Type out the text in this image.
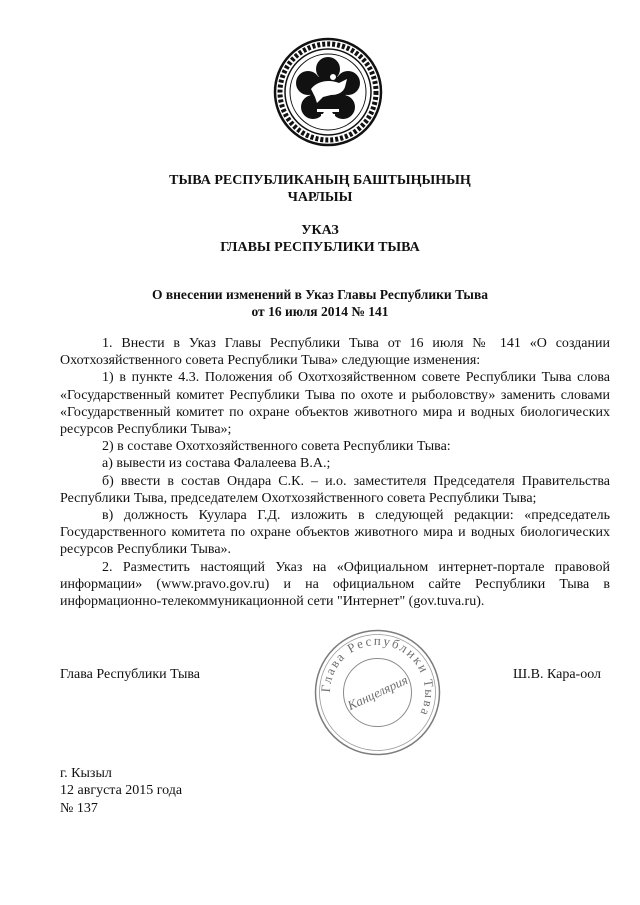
ТЫВА РЕСПУБЛИКАНЫҢ БАШТЫҢЫНЫҢ
ЧАРЛЫЫ
УКАЗ
ГЛАВЫ РЕСПУБЛИКИ ТЫВА
О внесении изменений в Указ Главы Республики Тыва
от 16 июля 2014 № 141

1. Внести в Указ Главы Республики Тыва от 16 июля № 141 «О создании Охотхозяйственного совета Республики Тыва» следующие изменения:

1) в пункте 4.3. Положения об Охотхозяйственном совете Республики Тыва слова «Государственный комитет Республики Тыва по охоте и рыболовству» заменить словами «Государственный комитет по охране объектов животного мира и водных биологических ресурсов Республики Тыва»;

2) в составе Охотхозяйственного совета Республики Тыва:

а) вывести из состава Фалалеева В.А.;

б) ввести в состав Ондара С.К. – и.о. заместителя Председателя Правительства Республики Тыва, председателем Охотхозяйственного совета Республики Тыва;

в) должность Куулара Г.Д. изложить в следующей редакции: «председатель Государственного комитета по охране объектов животного мира и водных биологических ресурсов Республики Тыва».

2. Разместить настоящий Указ на «Официальном интернет-портале правовой информации» (www.pravo.gov.ru) и на официальном сайте Республики Тыва в информационно-телекоммуникационной сети "Интернет" (gov.tuva.ru).

Глава Республики Тыва
Глава Республики Тыва
Канцелярия	Ш.В. Кара-оол
г. Кызыл
12 августа 2015 года
№ 137
